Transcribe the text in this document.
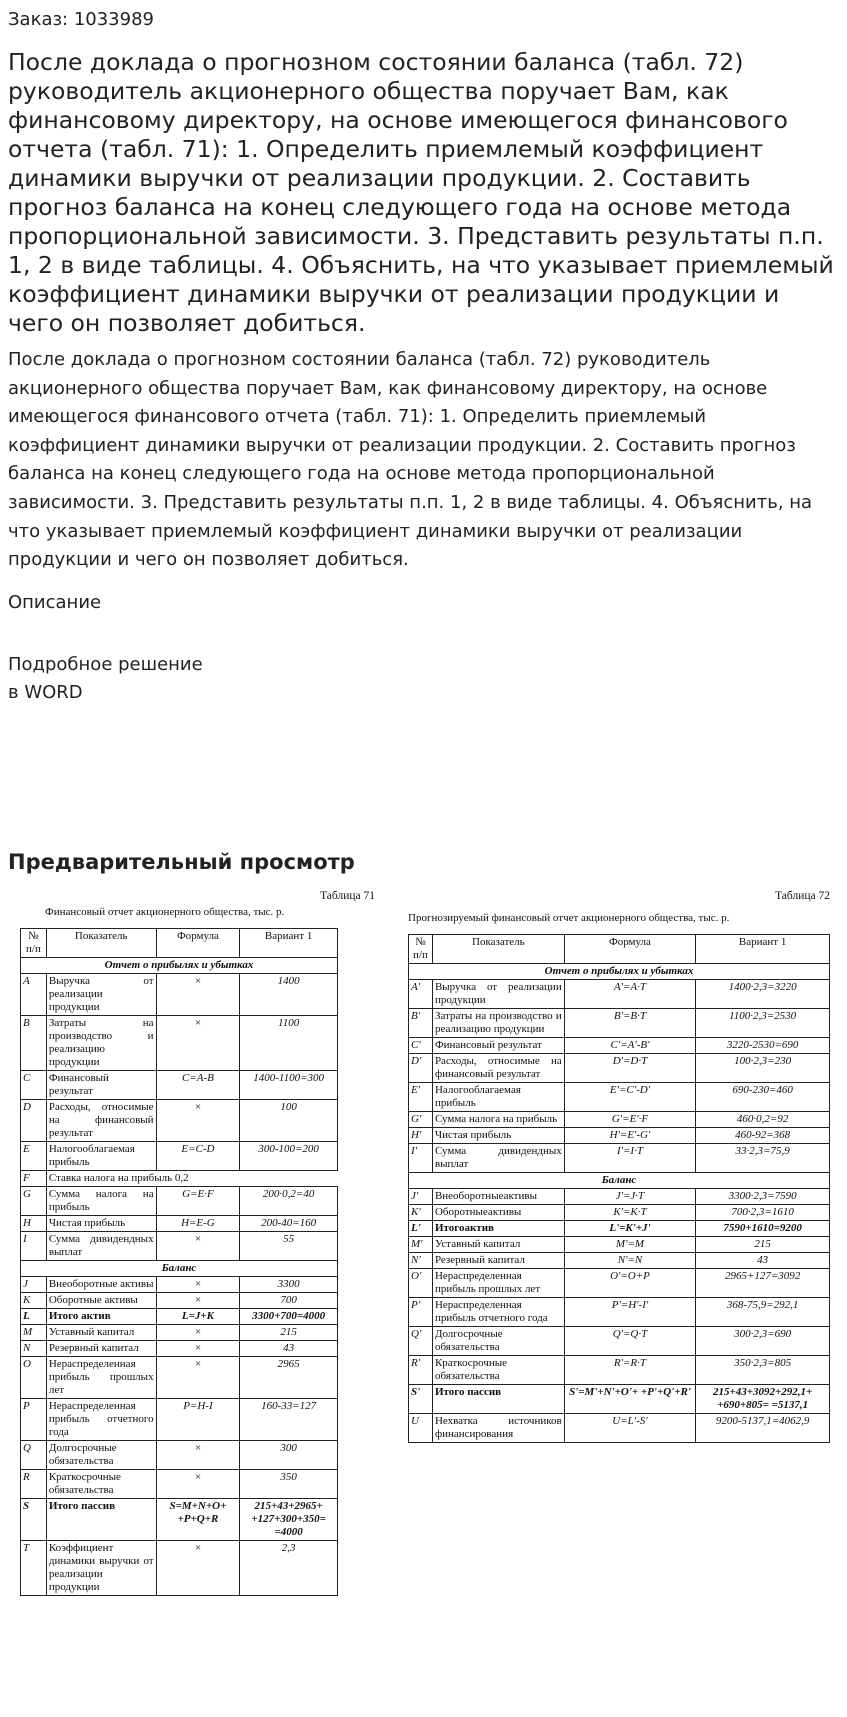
Заказ: 1033989
После доклада о прогнозном состоянии баланса (табл. 72) руководитель акционерного общества поручает Вам, как финансовому директору, на основе имеющегося финансового отчета (табл. 71): 1. Определить приемлемый коэффициент динамики выручки от реализации продукции. 2. Составить прогноз баланса на конец следующего года на основе метода пропорциональной зависимости. 3. Представить результаты п.п. 1, 2 в виде таблицы. 4. Объяснить, на что указывает приемлемый коэффициент динамики выручки от реализации продукции и чего он позволяет добиться.

После доклада о прогнозном состоянии баланса (табл. 72) руководитель акционерного общества поручает Вам, как финансовому директору, на основе имеющегося финансового отчета (табл. 71): 1. Определить приемлемый коэффициент динамики выручки от реализации продукции. 2. Составить прогноз баланса на конец следующего года на основе метода пропорциональной зависимости. 3. Представить результаты п.п. 1, 2 в виде таблицы. 4. Объяснить, на что указывает приемлемый коэффициент динамики выручки от реализации продукции и чего он позволяет добиться.

Описание
Подробное решение
в WORD
Предварительный просмотр
Таблица 71
Финансовый отчет акционерного общества, тыс. р.
№ п/п	Показатель	Формула	Вариант 1
Отчет о прибылях и убытках			
A	Выручка от реализации продукции	×	1400
B	Затраты на производство и реализацию продукции	×	1100
C	Финансовый результат	C=A-B	1400-1100=300
D	Расходы, относимые на финансовый результат	×	100
E	Налогооблагаемая прибыль	E=C-D	300-100=200
F	Ставка налога на прибыль 0,2		
G	Сумма налога на прибыль	G=E·F	200·0,2=40
H	Чистая прибыль	H=E-G	200-40=160
I	Сумма дивидендных выплат	×	55
Баланс			
J	Внеоборотные активы	×	3300
K	Оборотные активы	×	700
L	Итого актив	L=J+K	3300+700=4000
M	Уставный капитал	×	215
N	Резервный капитал	×	43
O	Нераспределенная прибыль прошлых лет	×	2965
P	Нераспределенная прибыль отчетного года	P=H-I	160-33=127
Q	Долгосрочные обязательства	×	300
R	Краткосрочные обязательства	×	350
S	Итого пассив	S=M+N+O+ +P+Q+R	215+43+2965+ +127+300+350= =4000
T	Коэффициент динамики выручки от реализации продукции	×	2,3
Таблица 72
Прогнозируемый финансовый отчет акционерного общества, тыс. р.
№ п/п	Показатель	Формула	Вариант 1
Отчет о прибылях и убытках			
A'	Выручка от реализации продукции	A'=A·T	1400·2,3=3220
B'	Затраты на производство и реализацию продукции	B'=B·T	1100·2,3=2530
C'	Финансовый результат	C'=A'-B'	3220-2530=690
D'	Расходы, относимые на финансовый результат	D'=D·T	100·2,3=230
E'	Налогооблагаемая прибыль	E'=C'-D'	690-230=460
G'	Сумма налога на прибыль	G'=E'·F	460·0,2=92
H'	Чистая прибыль	H'=E'-G'	460-92=368
I'	Сумма дивидендных выплат	I'=I·T	33·2,3=75,9
Баланс			
J'	Внеоборотныеактивы	J'=J·T	3300·2,3=7590
K'	Оборотныеактивы	K'=K·T	700·2,3=1610
L'	Итогоактив	L'=K'+J'	7590+1610=9200
M'	Уставный капитал	M'=M	215
N'	Резервный капитал	N'=N	43
O'	Нераспределенная прибыль прошлых лет	O'=O+P	2965+127=3092
P'	Нераспределенная прибыль отчетного года	P'=H'-I'	368-75,9=292,1
Q'	Долгосрочные обязательства	Q'=Q·T	300·2,3=690
R'	Краткосрочные обязательства	R'=R·T	350·2,3=805
S'	Итого пассив	S'=M'+N'+O'+ +P'+Q'+R'	215+43+3092+292,1+ +690+805= =5137,1
U	Нехватка источников финансирования	U=L'-S'	9200-5137,1=4062,9
